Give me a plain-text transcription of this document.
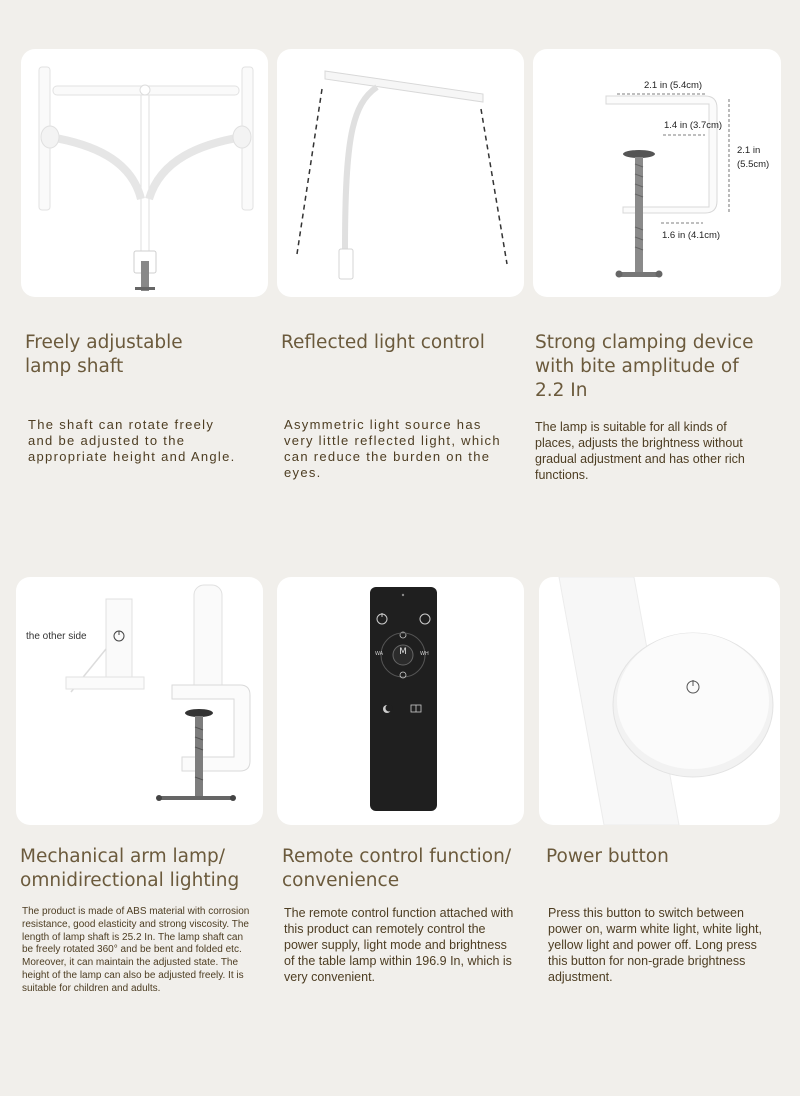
Freely adjustable lamp shaft
The shaft can rotate freely and be adjusted to the appropriate height and Angle.
Reflected light control
Asymmetric light source has very little reflected light, which can reduce the burden on the eyes.
2.1 in (5.4cm)
1.4 in (3.7cm)
2.1 in
(5.5cm)
1.6 in (4.1cm)
Strong clamping device with bite amplitude of 2.2 In
The lamp is suitable for all kinds of places, adjusts the brightness without gradual adjustment and has other rich functions.
the other side
Mechanical arm lamp/ omnidirectional lighting
The product is made of ABS material with corrosion resistance, good elasticity and strong viscosity. The length of lamp shaft is 25.2 In. The lamp shaft can be freely rotated 360° and be bent and folded etc. Moreover, it can maintain the adjusted state. The height of the lamp can also be adjusted freely. It is suitable for children and adults.
M
WA	WH
Remote control function/ convenience
The remote control function attached with this product can remotely control the power supply, light mode and brightness of the table lamp within 196.9 In, which is very convenient.
Power button
Press this button to switch between power on, warm white light, white light, yellow light and power off. Long press this button for non-grade brightness adjustment.
